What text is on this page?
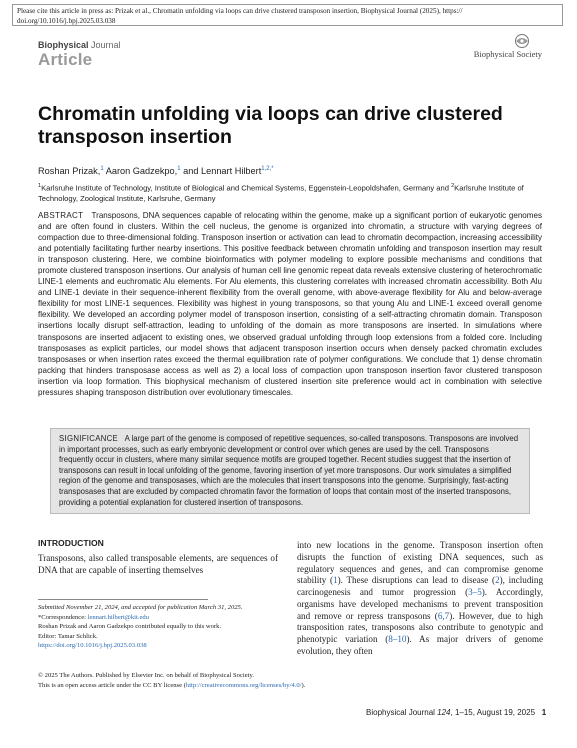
Please cite this article in press as: Prizak et al., Chromatin unfolding via loops can drive clustered transposon insertion, Biophysical Journal (2025), https://
doi.org/10.1016/j.bpj.2025.03.038
Biophysical Journal
Article	Biophysical Society
Chromatin unfolding via loops can drive clustered transposon insertion
Roshan Prizak,$^1$ Aaron Gadzekpo,$^1$ and Lennart Hilbert$^{1,2,*}$
$^1$Karlsruhe Institute of Technology, Institute of Biological and Chemical Systems, Eggenstein-Leopoldshafen, Germany and $^2$Karlsruhe Institute of Technology, Zoological Institute, Karlsruhe, Germany
ABSTRACT Transposons, DNA sequences capable of relocating within the genome, make up a significant portion of eukaryotic genomes and are often found in clusters. Within the cell nucleus, the genome is organized into chromatin, a structure with varying degrees of compaction due to three-dimensional folding. Transposon insertion or activation can lead to chromatin decompaction, increasing accessibility and potentially facilitating further nearby insertions. This positive feedback between chromatin unfolding and transposon insertion may result in transposon clustering. Here, we combine bioinformatics with polymer modeling to explore possible mechanisms and conditions that promote clustered transposon insertions. Our analysis of human cell line genomic repeat data reveals extensive clustering of heterochromatic LINE-1 elements and euchromatic Alu elements. For Alu elements, this clustering correlates with increased chromatin accessibility. Both Alu and LINE-1 deviate in their sequence-inherent flexibility from the overall genome, with above-average flexibility for Alu and below-average flexibility for most LINE-1 sequences. Flexibility was highest in young transposons, so that young Alu and LINE-1 exceed overall genome flexibility. We developed an according polymer model of transposon insertion, consisting of a self-attracting chromatin domain. Transposon insertions locally disrupt self-attraction, leading to unfolding of the domain as more transposons are inserted. In simulations where transposons are inserted adjacent to existing ones, we observed gradual unfolding through loop extensions from a folded core. Including transposases as explicit particles, our model shows that adjacent transposon insertion occurs when densely packed chromatin excludes transposases or when insertion rates exceed the thermal equilibration rate of polymer configurations. We conclude that 1) dense chromatin packing that hinders transposase access as well as 2) a local loss of compaction upon transposon insertion favor clustered transposon insertion via loop formation. This biophysical mechanism of clustered insertion site preference would act in combination with selective pressures shaping transposon distribution over evolutionary timescales.
SIGNIFICANCE A large part of the genome is composed of repetitive sequences, so-called transposons. Transposons are involved in important processes, such as early embryonic development or control over which genes are used by the cell. Transposons frequently occur in clusters, where many similar sequence motifs are grouped together. Recent studies suggest that the insertion of transposons can result in local unfolding of the genome, favoring insertion of yet more transposons. Our work simulates a simplified region of the genome and transposases, which are the molecules that insert transposons into the genome. Surprisingly, fast-acting transposases that are excluded by compacted chromatin favor the formation of loops that contain most of the inserted transposons, providing a potential explanation for clustered insertion of transposons.
INTRODUCTION
Transposons, also called transposable elements, are sequences of DNA that are capable of inserting themselves
into new locations in the genome. Transposon insertion often disrupts the function of existing DNA sequences, such as regulatory sequences and genes, and can compromise genome stability (1). These disruptions can lead to disease (2), including carcinogenesis and tumor progression (3–5). Accordingly, organisms have developed mechanisms to prevent transposition and remove or repress transposons (6,7). However, due to high transposition rates, transposons also contribute to genotypic and phenotypic variation (8–10). As major drivers of genome evolution, they often
Submitted November 21, 2024, and accepted for publication March 31, 2025.
*Correspondence: lennart.hilbert@kit.edu
Roshan Prizak and Aaron Gadzekpo contributed equally to this work.
Editor: Tamar Schlick.
https://doi.org/10.1016/j.bpj.2025.03.038
© 2025 The Authors. Published by Elsevier Inc. on behalf of Biophysical Society.
This is an open access article under the CC BY license (http://creativecommons.org/licenses/by/4.0/).
Biophysical Journal 124, 1–15, August 19, 2025 1
